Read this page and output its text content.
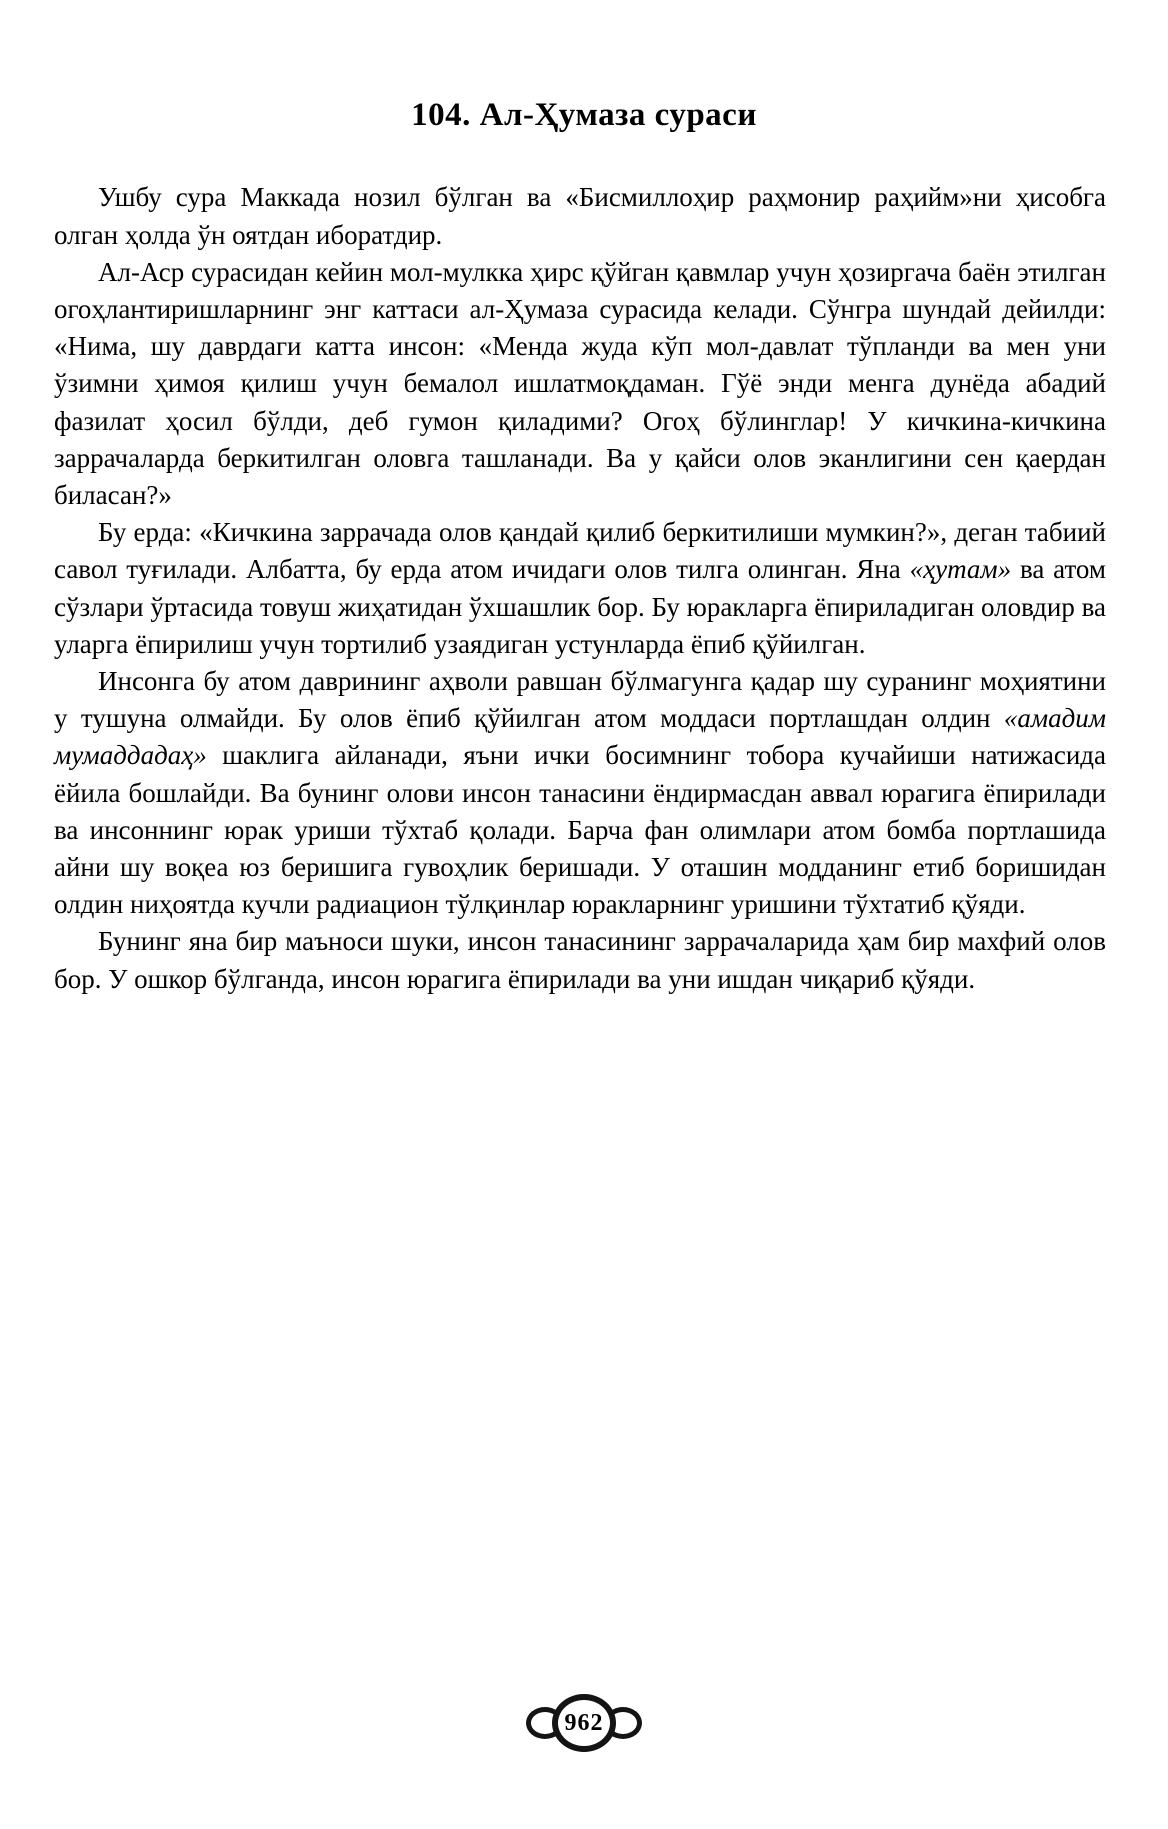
104. Ал-Ҳумаза сураси

Ушбу сура Маккада нозил бўлган ва «Бисмиллоҳир раҳмонир раҳийм»ни ҳисобга олган ҳолда ўн оятдан иборатдир.

Ал-Аср сурасидан кейин мол-мулкка ҳирс қўйган қавмлар учун ҳозиргача баён этилган огоҳлантиришларнинг энг каттаси ал-Ҳумаза сурасида келади. Сўнгра шундай дейилди: «Нима, шу даврдаги катта инсон: «Менда жуда кўп мол-давлат тўпланди ва мен уни ўзимни ҳимоя қилиш учун бемалол ишлатмоқдаман. Гўё энди менга дунёда абадий фазилат ҳосил бўлди, деб гумон қиладими? Огоҳ бўлинглар! У кичкина-кичкина заррачаларда беркитилган оловга ташланади. Ва у қайси олов эканлигини сен қаердан биласан?»

Бу ерда: «Кичкина заррачада олов қандай қилиб беркитилиши мумкин?», деган табиий савол туғилади. Албатта, бу ерда атом ичидаги олов тилга олинган. Яна «ҳутам» ва атом сўзлари ўртасида товуш жиҳатидан ўхшашлик бор. Бу юракларга ёпириладиган оловдир ва уларга ёпирилиш учун тортилиб узаядиган устунларда ёпиб қўйилган.

Инсонга бу атом даврининг аҳволи равшан бўлмагунга қадар шу суранинг моҳиятини у тушуна олмайди. Бу олов ёпиб қўйилган атом моддаси портлашдан олдин «амадим мумаддадаҳ» шаклига айланади, яъни ички босимнинг тобора кучайиши натижасида ёйила бошлайди. Ва бунинг олови инсон танасини ёндирмасдан аввал юрагига ёпирилади ва инсоннинг юрак уриши тўхтаб қолади. Барча фан олимлари атом бомба портлашида айни шу воқеа юз беришига гувоҳлик беришади. У оташин модданинг етиб боришидан олдин ниҳоятда кучли радиацион тўлқинлар юракларнинг уришини тўхтатиб қўяди.

Бунинг яна бир маъноси шуки, инсон танасининг заррачаларида ҳам бир махфий олов бор. У ошкор бўлганда, инсон юрагига ёпирилади ва уни ишдан чиқариб қўяди.

962
